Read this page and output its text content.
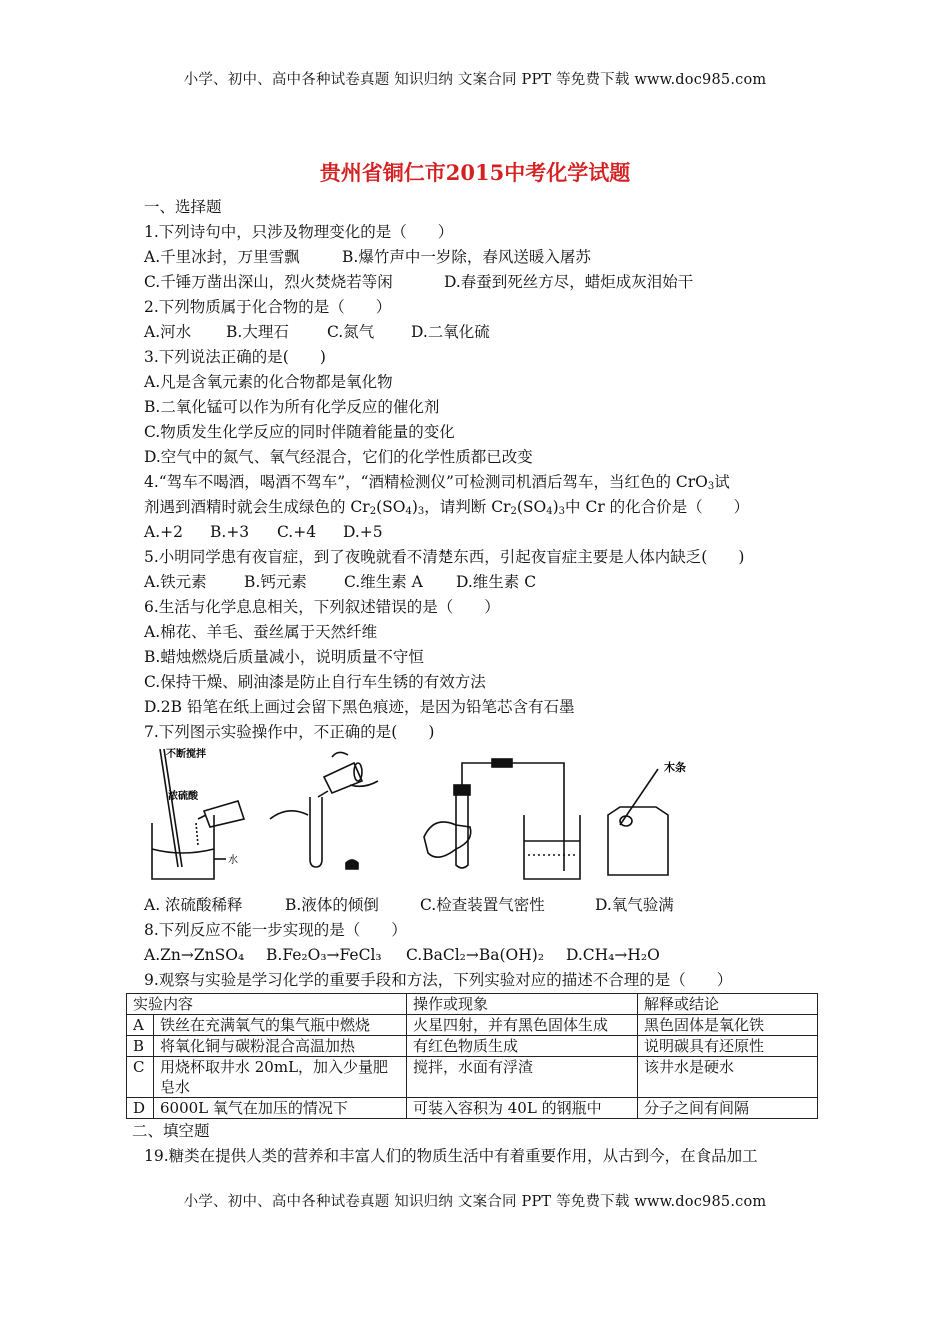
小学、初中、高中各种试卷真题 知识归纳 文案合同 PPT 等免费下载 www.doc985.com
贵州省铜仁市2015中考化学试题
一、选择题
1.下列诗句中，只涉及物理变化的是（　　）
A.千里冰封，万里雪飘	B.爆竹声中一岁除，春风送暖入屠苏
C.千锤万凿出深山，烈火焚烧若等闲	D.春蚕到死丝方尽，蜡炬成灰泪始干
2.下列物质属于化合物的是（　　）
A.河水 B.大理石 C.氮气 D.二氧化硫
3.下列说法正确的是(　　)
A.凡是含氧元素的化合物都是氧化物
B.二氧化锰可以作为所有化学反应的催化剂
C.物质发生化学反应的同时伴随着能量的变化
D.空气中的氮气、氧气经混合，它们的化学性质都已改变
4.“驾车不喝酒，喝酒不驾车”，“酒精检测仪”可检测司机酒后驾车，当红色的 CrO$_3$试
剂遇到酒精时就会生成绿色的 $Cr_2(SO_4)_3$，请判断 $Cr_2(SO_4)_3$中 Cr 的化合价是（　　）
A.+2 B.+3 C.+4 D.+5
5.小明同学患有夜盲症，到了夜晚就看不清楚东西，引起夜盲症主要是人体内缺乏(　　)
A.铁元素 B.钙元素 C.维生素 A D.维生素 C
6.生活与化学息息相关，下列叙述错误的是（　　）
A.棉花、羊毛、蚕丝属于天然纤维
B.蜡烛燃烧后质量减小，说明质量不守恒
C.保持干燥、刷油漆是防止自行车生锈的有效方法
D.2B 铅笔在纸上画过会留下黑色痕迹，是因为铅笔芯含有石墨
7.下列图示实验操作中，不正确的是(　　)
不断搅拌
浓硫酸
水
木条
A. 浓硫酸稀释	B.液体的倾倒	C.检查装置气密性	D.氧气验满
8.下列反应不能一步实现的是（　　）
A.Zn→ZnSO₄ B.Fe₂O₃→FeCl₃ C.BaCl₂→Ba(OH)₂ D.CH₄→H₂O
9.观察与实验是学习化学的重要手段和方法，下列实验对应的描述不合理的是（　　）
实验内容		操作或现象	解释或结论
A	铁丝在充满氧气的集气瓶中燃烧	火星四射，并有黑色固体生成	黑色固体是氧化铁
B	将氧化铜与碳粉混合高温加热	有红色物质生成	说明碳具有还原性
C	用烧杯取井水 20mL，加入少量肥皂水	搅拌，水面有浮渣	该井水是硬水
D	6000L 氧气在加压的情况下	可装入容积为 40L 的钢瓶中	分子之间有间隔
二、填空题
19.糖类在提供人类的营养和丰富人们的物质生活中有着重要作用，从古到今，在食品加工
小学、初中、高中各种试卷真题 知识归纳 文案合同 PPT 等免费下载 www.doc985.com
